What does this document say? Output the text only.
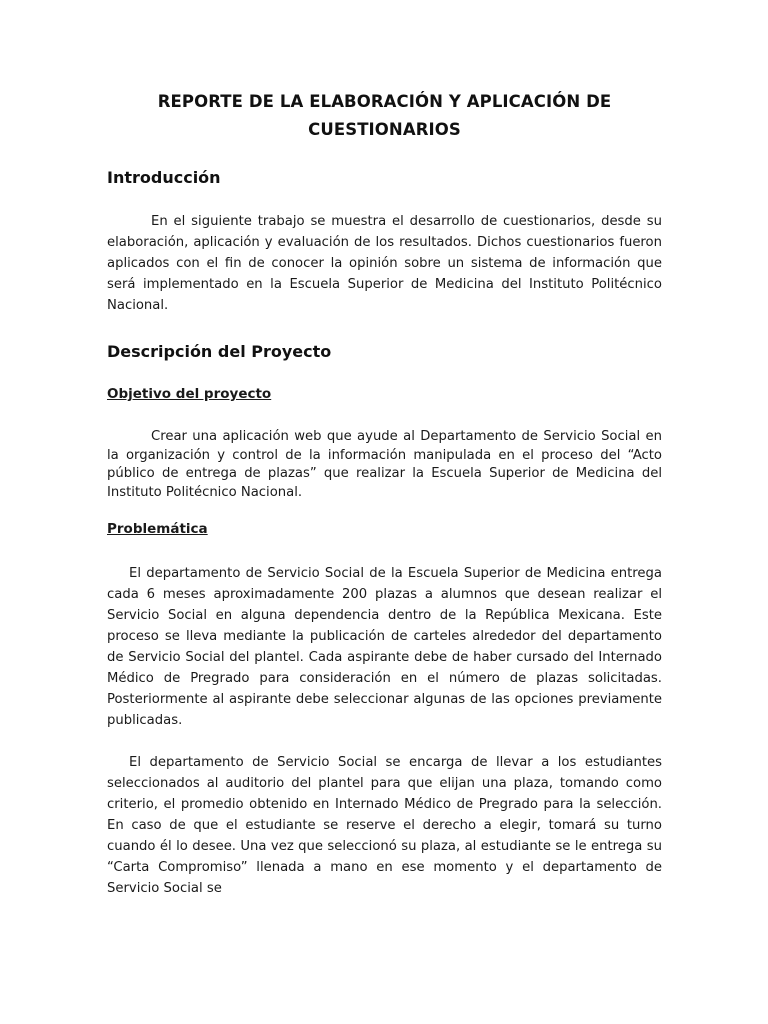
REPORTE DE LA ELABORACIÓN Y APLICACIÓN DE CUESTIONARIOS
Introducción

En el siguiente trabajo se muestra el desarrollo de cuestionarios, desde su elaboración, aplicación y evaluación de los resultados. Dichos cuestionarios fueron aplicados con el fin de conocer la opinión sobre un sistema de información que será implementado en la Escuela Superior de Medicina del Instituto Politécnico Nacional.

Descripción del Proyecto
Objetivo del proyecto

Crear una aplicación web que ayude al Departamento de Servicio Social en la organización y control de la información manipulada en el proceso del “Acto público de entrega de plazas” que realizar la Escuela Superior de Medicina del Instituto Politécnico Nacional.

Problemática

El departamento de Servicio Social de la Escuela Superior de Medicina entrega cada 6 meses aproximadamente 200 plazas a alumnos que desean realizar el Servicio Social en alguna dependencia dentro de la República Mexicana. Este proceso se lleva mediante la publicación de carteles alrededor del departamento de Servicio Social del plantel. Cada aspirante debe de haber cursado del Internado Médico de Pregrado para consideración en el número de plazas solicitadas. Posteriormente al aspirante debe seleccionar algunas de las opciones previamente publicadas.

El departamento de Servicio Social se encarga de llevar a los estudiantes seleccionados al auditorio del plantel para que elijan una plaza, tomando como criterio, el promedio obtenido en Internado Médico de Pregrado para la selección. En caso de que el estudiante se reserve el derecho a elegir, tomará su turno cuando él lo desee. Una vez que seleccionó su plaza, al estudiante se le entrega su “Carta Compromiso” llenada a mano en ese momento y el departamento de Servicio Social se
